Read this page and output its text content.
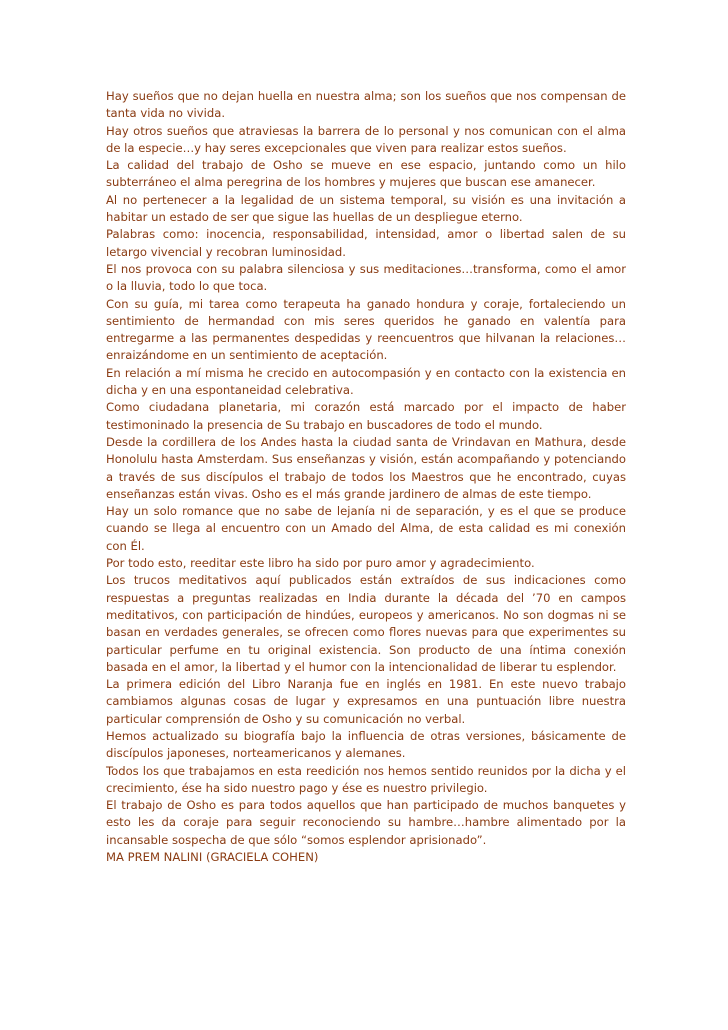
Hay sueños que no dejan huella en nuestra alma; son los sueños que nos compensan de tanta vida no vivida.

Hay otros sueños que atraviesas la barrera de lo personal y nos comunican con el alma de la especie…y hay seres excepcionales que viven para realizar estos sueños.

La calidad del trabajo de Osho se mueve en ese espacio, juntando como un hilo subterráneo el alma peregrina de los hombres y mujeres que buscan ese amanecer.

Al no pertenecer a la legalidad de un sistema temporal, su visión es una invitación a habitar un estado de ser que sigue las huellas de un despliegue eterno.

Palabras como: inocencia, responsabilidad, intensidad, amor o libertad salen de su letargo vivencial y recobran luminosidad.

El nos provoca con su palabra silenciosa y sus meditaciones…transforma, como el amor o la lluvia, todo lo que toca.

Con su guía, mi tarea como terapeuta ha ganado hondura y coraje, fortaleciendo un sentimiento de hermandad con mis seres queridos he ganado en valentía para entregarme a las permanentes despedidas y reencuentros que hilvanan la relaciones… enraizándome en un sentimiento de aceptación.

En relación a mí misma he crecido en autocompasión y en contacto con la existencia en dicha y en una espontaneidad celebrativa.

Como ciudadana planetaria, mi corazón está marcado por el impacto de haber testimoninado la presencia de Su trabajo en buscadores de todo el mundo.

Desde la cordillera de los Andes hasta la ciudad santa de Vrindavan en Mathura, desde Honolulu hasta Amsterdam. Sus enseñanzas y visión, están acompañando y potenciando a través de sus discípulos el trabajo de todos los Maestros que he encontrado, cuyas enseñanzas están vivas. Osho es el más grande jardinero de almas de este tiempo.

Hay un solo romance que no sabe de lejanía ni de separación, y es el que se produce cuando se llega al encuentro con un Amado del Alma, de esta calidad es mi conexión con Él.

Por todo esto, reeditar este libro ha sido por puro amor y agradecimiento.

Los trucos meditativos aquí publicados están extraídos de sus indicaciones como respuestas a preguntas realizadas en India durante la década del ’70 en campos meditativos, con participación de hindúes, europeos y americanos. No son dogmas ni se basan en verdades generales, se ofrecen como flores nuevas para que experimentes su particular perfume en tu original existencia. Son producto de una íntima conexión basada en el amor, la libertad y el humor con la intencionalidad de liberar tu esplendor.

La primera edición del Libro Naranja fue en inglés en 1981. En este nuevo trabajo cambiamos algunas cosas de lugar y expresamos en una puntuación libre nuestra particular comprensión de Osho y su comunicación no verbal.

Hemos actualizado su biografía bajo la influencia de otras versiones, básicamente de discípulos japoneses, norteamericanos y alemanes.

Todos los que trabajamos en esta reedición nos hemos sentido reunidos por la dicha y el crecimiento, ése ha sido nuestro pago y ése es nuestro privilegio.

El trabajo de Osho es para todos aquellos que han participado de muchos banquetes y esto les da coraje para seguir reconociendo su hambre…hambre alimentado por la incansable sospecha de que sólo “somos esplendor aprisionado”.

MA PREM NALINI (GRACIELA COHEN)
